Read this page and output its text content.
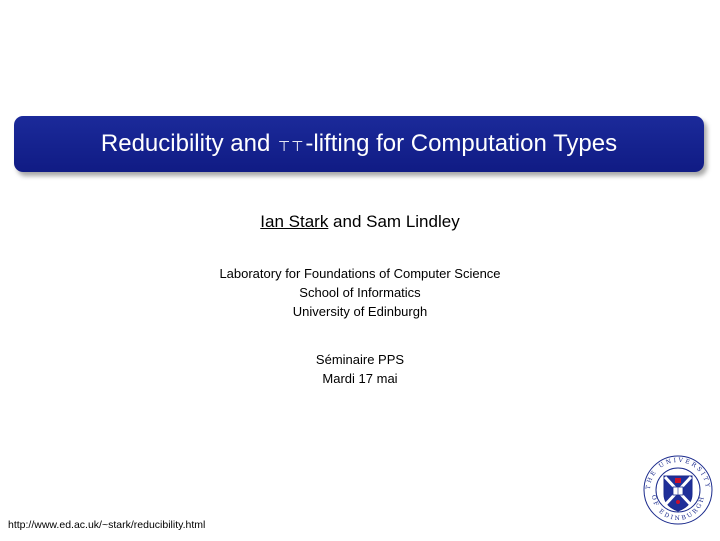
Reducibility and ⊤⊤-lifting for Computation Types
Ian Stark and Sam Lindley
Laboratory for Foundations of Computer Science
School of Informatics
University of Edinburgh
Séminaire PPS
Mardi 17 mai
http://www.ed.ac.uk/~stark/reducibility.html
THE UNIVERSITY
OF EDINBURGH
